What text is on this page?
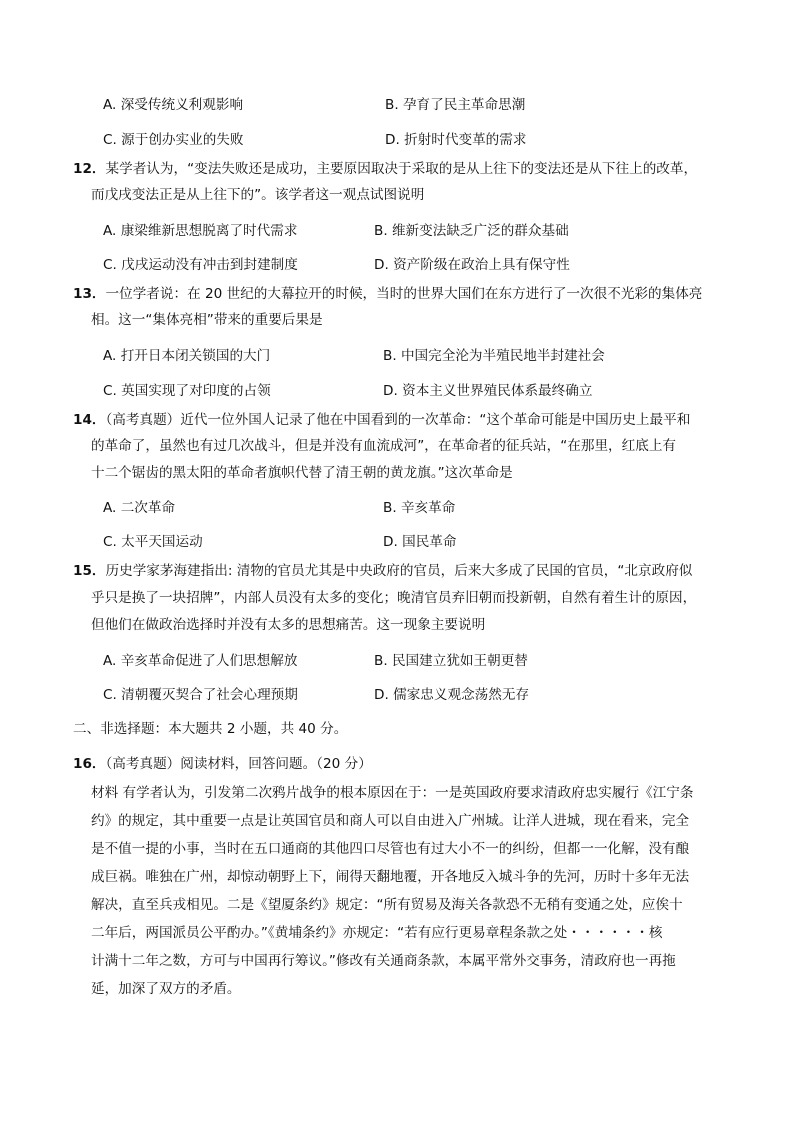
A. 深受传统义利观影响	B. 孕育了民主革命思潮
C. 源于创办实业的失败	D. 折射时代变革的需求
12．某学者认为，“变法失败还是成功，主要原因取决于采取的是从上往下的变法还是从下往上的改革，
而戊戌变法正是从上往下的”。该学者这一观点试图说明
A. 康梁维新思想脱离了时代需求	B. 维新变法缺乏广泛的群众基础
C. 戊戌运动没有冲击到封建制度	D. 资产阶级在政治上具有保守性
13．一位学者说：在 20 世纪的大幕拉开的时候，当时的世界大国们在东方进行了一次很不光彩的集体亮
相。这一“集体亮相”带来的重要后果是
A. 打开日本闭关锁国的大门	B. 中国完全沦为半殖民地半封建社会
C. 英国实现了对印度的占领	D. 资本主义世界殖民体系最终确立
14．（高考真题）近代一位外国人记录了他在中国看到的一次革命：“这个革命可能是中国历史上最平和
的革命了，虽然也有过几次战斗，但是并没有血流成河”，在革命者的征兵站，“在那里，红底上有
十二个锯齿的黑太阳的革命者旗帜代替了清王朝的黄龙旗。”这次革命是
A. 二次革命	B. 辛亥革命
C. 太平天国运动	D. 国民革命
15．历史学家茅海建指出: 清物的官员尤其是中央政府的官员，后来大多成了民国的官员，“北京政府似
乎只是换了一块招牌”，内部人员没有太多的变化；晚清官员弃旧朝而投新朝，自然有着生计的原因，
但他们在做政治选择时并没有太多的思想痛苦。这一现象主要说明
A. 辛亥革命促进了人们思想解放	B. 民国建立犹如王朝更替
C. 清朝覆灭契合了社会心理预期	D. 儒家忠义观念荡然无存
二、非选择题：本大题共 2 小题，共 40 分。
16．（高考真题）阅读材料，回答问题。（20 分）
材料 有学者认为，引发第二次鸦片战争的根本原因在于：一是英国政府要求清政府忠实履行《江宁条
约》的规定，其中重要一点是让英国官员和商人可以自由进入广州城。让洋人进城，现在看来，完全
是不值一提的小事，当时在五口通商的其他四口尽管也有过大小不一的纠纷，但都一一化解，没有酿
成巨祸。唯独在广州，却惊动朝野上下，闹得天翻地覆，开各地反入城斗争的先河，历时十多年无法
解决，直至兵戎相见。二是《望厦条约》规定：“所有贸易及海关各款恐不无稍有变通之处，应俟十
二年后，两国派员公平酌办。”《黄埔条约》亦规定：“若有应行更易章程条款之处・・・・・・核
计满十二年之数，方可与中国再行筹议。”修改有关通商条款，本属平常外交事务，清政府也一再拖
延，加深了双方的矛盾。
